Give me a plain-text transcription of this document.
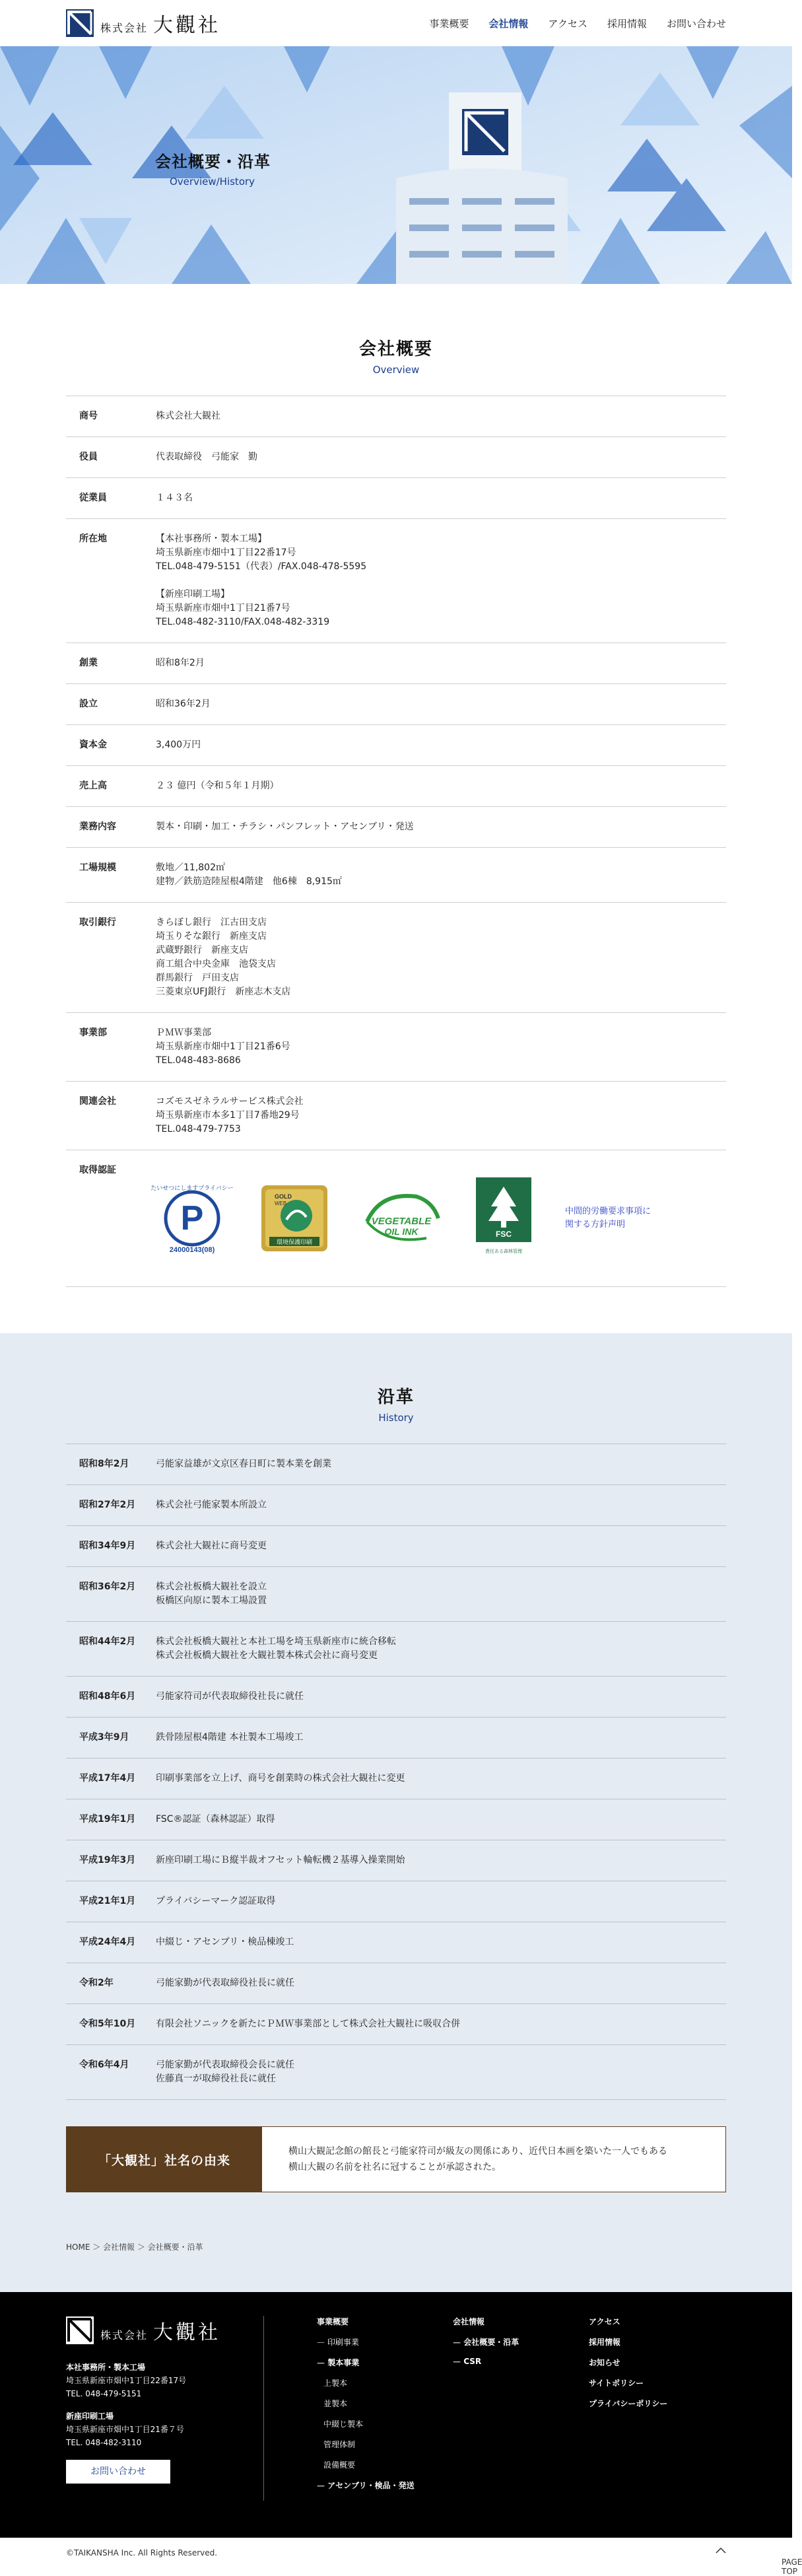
株式会社 大觀社	事業概要 会社情報 アクセス 採用情報 お問い合わせ
会社概要・沿革

Overview/History

会社概要

Overview

商号	株式会社大観社
役員	代表取締役　弓能家　勤
従業員	１４３名
所在地	【本社事務所・製本工場】
埼玉県新座市畑中1丁目22番17号
TEL.048-479-5151（代表）/FAX.048-478-5595

【新座印刷工場】
埼玉県新座市畑中1丁目21番7号
TEL.048-482-3110/FAX.048-482-3319
創業	昭和8年2月
設立	昭和36年2月
資本金	3,400万円
売上高	２３ 億円（令和５年１月期）
業務内容	製本・印刷・加工・チラシ・パンフレット・アセンブリ・発送
工場規模	敷地／11,802㎡
建物／鉄筋造陸屋根4階建　他6棟　8,915㎡
取引銀行	きらぼし銀行　江古田支店
埼玉りそな銀行　新座支店
武蔵野銀行　新座支店
商工組合中央金庫　池袋支店
群馬銀行　戸田支店
三菱東京UFJ銀行　新座志木支店
事業部	ＰＭＷ事業部
埼玉県新座市畑中1丁目21番6号
TEL.048-483-8686
関連会社	コズモスゼネラルサービス株式会社
埼玉県新座市本多1丁目7番地29号
TEL.048-479-7753
取得認証

P
たいせつにしますプライバシー
24000143(08)
GOLD
WEB
環境保護印刷
VEGETABLE
OIL INK	FSC
責任ある森林管理
中間的労働要求事項に
関する方針声明

沿革

History

昭和8年2月	弓能家益雄が文京区春日町に製本業を創業
昭和27年2月	株式会社弓能家製本所設立
昭和34年9月	株式会社大観社に商号変更
昭和36年2月	株式会社板橋大観社を設立
板橋区向原に製本工場設置
昭和44年2月	株式会社板橋大観社と本社工場を埼玉県新座市に統合移転
株式会社板橋大観社を大観社製本株式会社に商号変更
昭和48年6月	弓能家符司が代表取締役社長に就任
平成3年9月	鉄骨陸屋根4階建 本社製本工場竣工
平成17年4月	印刷事業部を立上げ、商号を創業時の株式会社大観社に変更
平成19年1月	FSC®認証（森林認証）取得
平成19年3月	新座印刷工場にＢ縦半裁オフセット輪転機２基導入操業開始
平成21年1月	プライバシーマーク認証取得
平成24年4月	中綴じ・アセンブリ・検品棟竣工
令和2年	弓能家勤が代表取締役社長に就任
令和5年10月	有限会社ソニックを新たにＰＭＷ事業部として株式会社大観社に吸収合併
令和6年4月	弓能家勤が代表取締役会長に就任
佐藤真一が取締役社長に就任
「大観社」社名の由来
横山大観記念館の館長と弓能家符司が級友の関係にあり、近代日本画を築いた一人でもある
横山大観の名前を社名に冠することが承認された。
HOME ＞ 会社情報 ＞ 会社概要・沿革
株式会社 大觀社
本社事務所・製本工場
埼玉県新座市畑中1丁目22番17号
TEL. 048-479-5151
新座印刷工場
埼玉県新座市畑中1丁目21番７号
TEL. 048-482-3110
お問い合わせ
事業概要
— 印刷事業
— 製本事業
上製本
並製本
中綴じ製本
管理体制
設備概要
— アセンブリ・検品・発送
会社情報
— 会社概要・沿革
— CSR
アクセス
採用情報
お知らせ
サイトポリシー
プライバシーポリシー
©TAIKANSHA Inc. All Rights Reserved.
PAGE TOP
